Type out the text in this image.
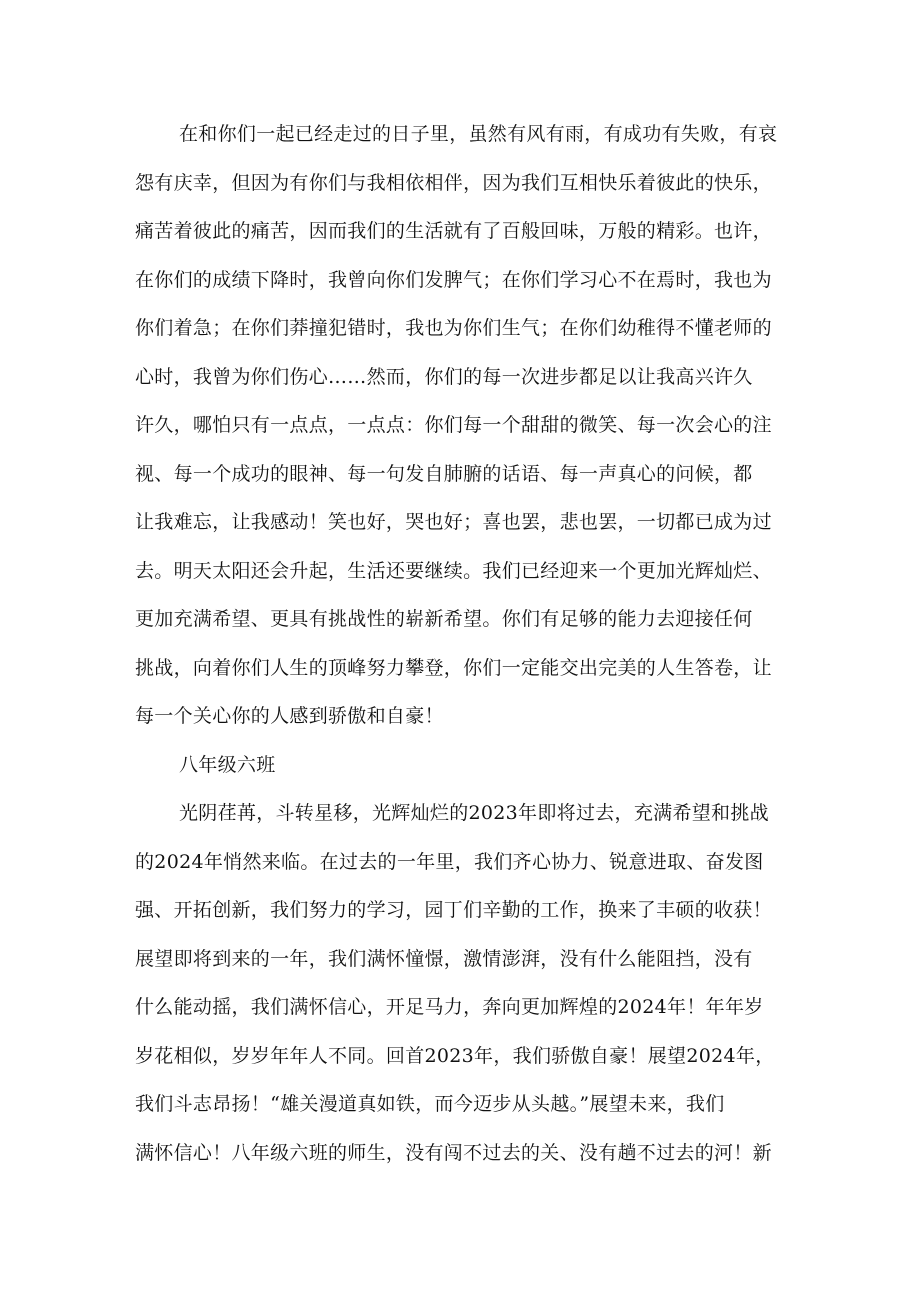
在和你们一起已经走过的日子里，虽然有风有雨，有成功有失败，有哀
怨有庆幸，但因为有你们与我相依相伴，因为我们互相快乐着彼此的快乐，
痛苦着彼此的痛苦，因而我们的生活就有了百般回味，万般的精彩。也许，
在你们的成绩下降时，我曾向你们发脾气；在你们学习心不在焉时，我也为
你们着急；在你们莽撞犯错时，我也为你们生气；在你们幼稚得不懂老师的
心时，我曾为你们伤心……然而，你们的每一次进步都足以让我高兴许久
许久，哪怕只有一点点，一点点：你们每一个甜甜的微笑、每一次会心的注
视、每一个成功的眼神、每一句发自肺腑的话语、每一声真心的问候，都
让我难忘，让我感动！笑也好，哭也好；喜也罢，悲也罢，一切都已成为过
去。明天太阳还会升起，生活还要继续。我们已经迎来一个更加光辉灿烂、
更加充满希望、更具有挑战性的崭新希望。你们有足够的能力去迎接任何
挑战，向着你们人生的顶峰努力攀登，你们一定能交出完美的人生答卷，让
每一个关心你的人感到骄傲和自豪！
八年级六班
光阴荏苒，斗转星移，光辉灿烂的2023年即将过去，充满希望和挑战
的2024年悄然来临。在过去的一年里，我们齐心协力、锐意进取、奋发图
强、开拓创新，我们努力的学习，园丁们辛勤的工作，换来了丰硕的收获！
展望即将到来的一年，我们满怀憧憬，激情澎湃，没有什么能阻挡，没有
什么能动摇，我们满怀信心，开足马力，奔向更加辉煌的2024年！年年岁
岁花相似，岁岁年年人不同。回首2023年，我们骄傲自豪！展望2024年，
我们斗志昂扬！“雄关漫道真如铁，而今迈步从头越。”展望未来，我们
满怀信心！八年级六班的师生，没有闯不过去的关、没有趟不过去的河！新
